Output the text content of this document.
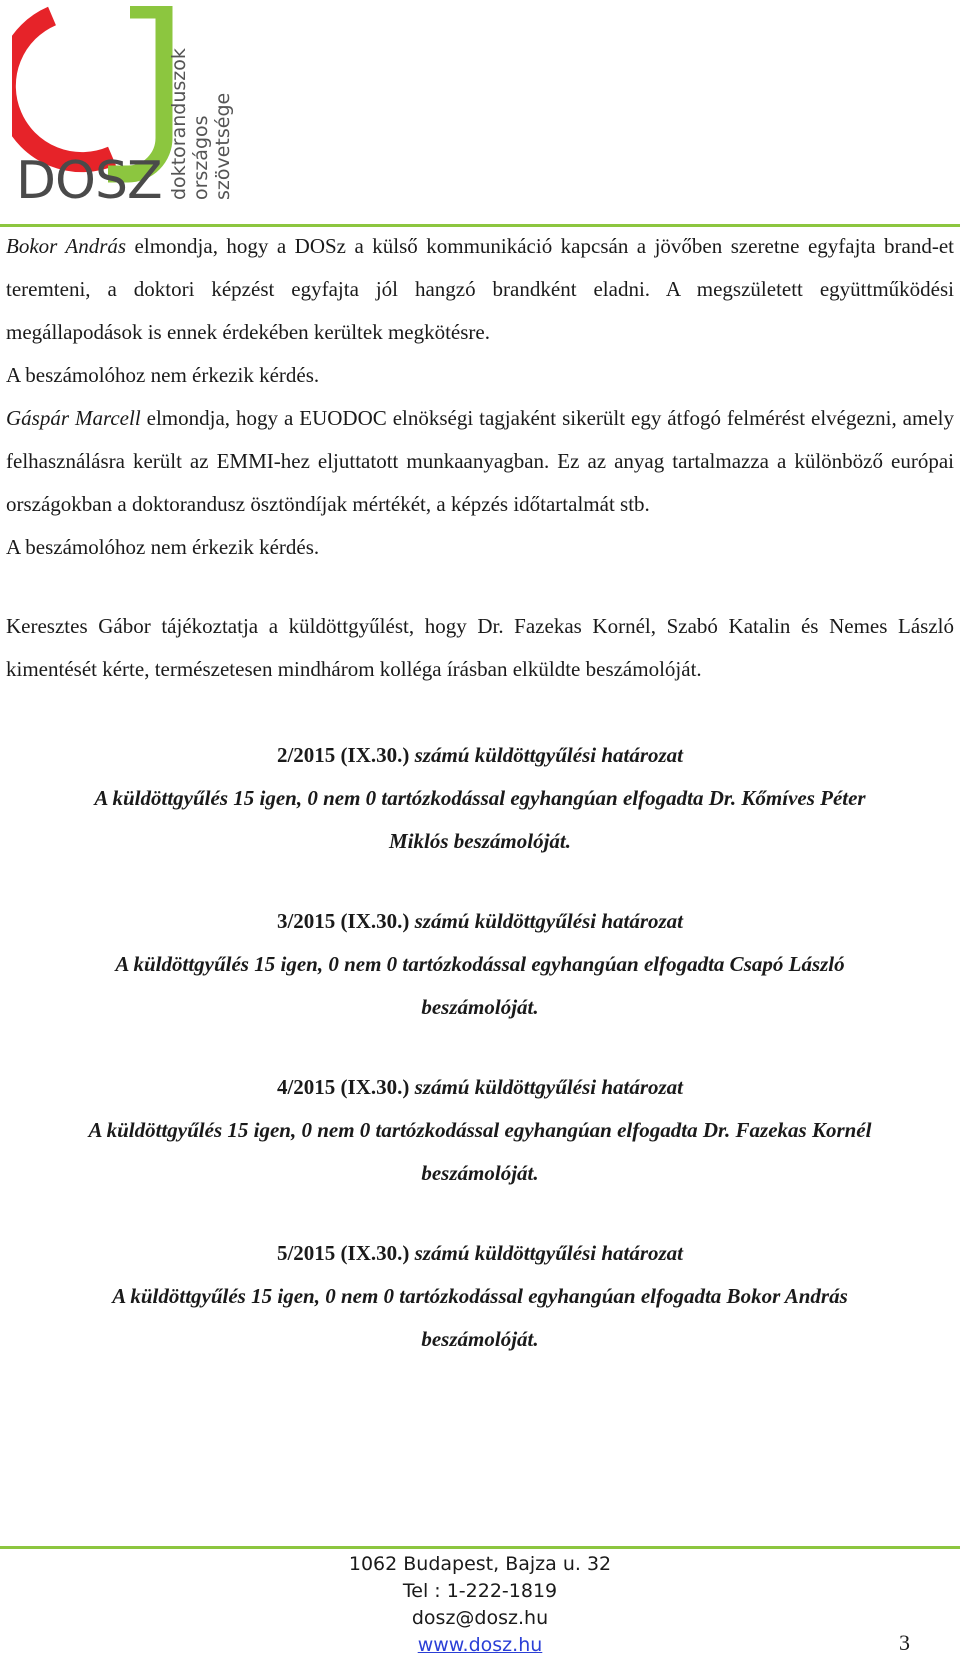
DOSZ doktoranduszok országos szövetsége

Bokor András elmondja, hogy a DOSz a külső kommunikáció kapcsán a jövőben szeretne egyfajta brand-et teremteni, a doktori képzést egyfajta jól hangzó brandként eladni. A megszületett együttműködési megállapodások is ennek érdekében kerültek megkötésre.

A beszámolóhoz nem érkezik kérdés.

Gáspár Marcell elmondja, hogy a EUODOC elnökségi tagjaként sikerült egy átfogó felmérést elvégezni, amely felhasználásra került az EMMI-hez eljuttatott munkaanyagban. Ez az anyag tartalmazza a különböző európai országokban a doktorandusz ösztöndíjak mértékét, a képzés időtartalmát stb.

A beszámolóhoz nem érkezik kérdés.

Keresztes Gábor tájékoztatja a küldöttgyűlést, hogy Dr. Fazekas Kornél, Szabó Katalin és Nemes László kimentését kérte, természetesen mindhárom kolléga írásban elküldte beszámolóját.

2/2015 (IX.30.) számú küldöttgyűlési határozat

A küldöttgyűlés 15 igen, 0 nem 0 tartózkodással egyhangúan elfogadta Dr. Kőmíves Péter

Miklós beszámolóját.

3/2015 (IX.30.) számú küldöttgyűlési határozat

A küldöttgyűlés 15 igen, 0 nem 0 tartózkodással egyhangúan elfogadta Csapó László

beszámolóját.

4/2015 (IX.30.) számú küldöttgyűlési határozat

A küldöttgyűlés 15 igen, 0 nem 0 tartózkodással egyhangúan elfogadta Dr. Fazekas Kornél

beszámolóját.

5/2015 (IX.30.) számú küldöttgyűlési határozat

A küldöttgyűlés 15 igen, 0 nem 0 tartózkodással egyhangúan elfogadta Bokor András

beszámolóját.

1062 Budapest, Bajza u. 32
Tel : 1-222-1819
dosz@dosz.hu
www.dosz.hu	3
